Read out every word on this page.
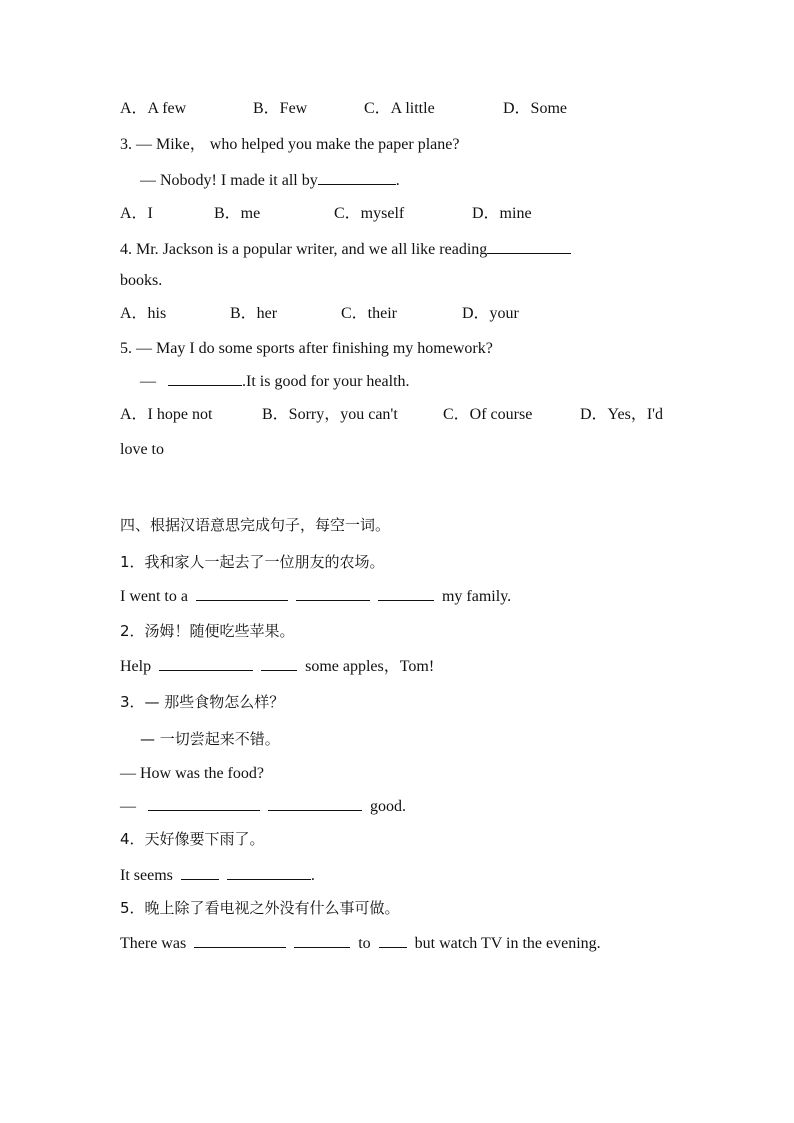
A．A few	B．Few	C．A little	D．Some
3. — Mike， who helped you make the paper plane?
— Nobody! I made it all by	.
A．I	B．me	C．myself	D．mine
4. Mr. Jackson is a popular writer, and we all like reading
books.
A．his	B．her	C．their	D．your
5. — May I do some sports after finishing my homework?
—	.It is good for your health.
A．I hope not	B．Sorry，you can't	C．Of course	D．Yes，I'd
love to
四、根据汉语意思完成句子，每空一词。
1．我和家人一起去了一位朋友的农场。
I went to a	my family.
2．汤姆！随便吃些苹果。
Help	some apples，Tom!
3．— 那些食物怎么样？
— 一切尝起来不错。
— How was the food?
—	good.
4．天好像要下雨了。
It seems	.
5．晚上除了看电视之外没有什么事可做。
There was	to	but watch TV in the evening.
